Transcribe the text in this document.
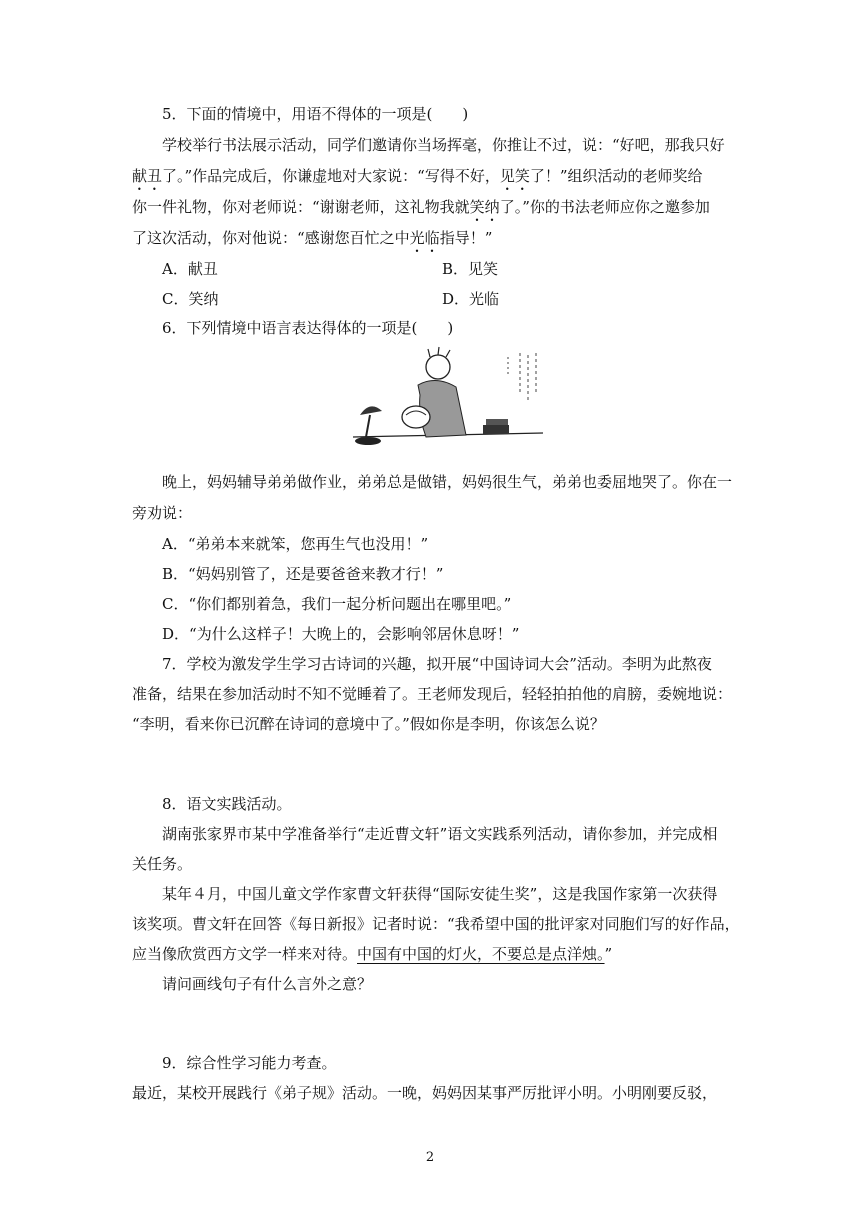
5．下面的情境中，用语不得体的一项是(　　)
学校举行书法展示活动，同学们邀请你当场挥毫，你推让不过，说：“好吧，那我只好
献丑了。”作品完成后，你谦虚地对大家说：“写得不好，见笑了！”组织活动的老师奖给
你一件礼物，你对老师说：“谢谢老师，这礼物我就笑纳了。”你的书法老师应你之邀参加
了这次活动，你对他说：“感谢您百忙之中光临指导！”
A．献丑	B．见笑
C．笑纳	D．光临
6．下列情境中语言表达得体的一项是(　　)
晚上，妈妈辅导弟弟做作业，弟弟总是做错，妈妈很生气，弟弟也委屈地哭了。你在一
旁劝说：
A．“弟弟本来就笨，您再生气也没用！”
B．“妈妈别管了，还是要爸爸来教才行！”
C．“你们都别着急，我们一起分析问题出在哪里吧。”
D．“为什么这样子！大晚上的，会影响邻居休息呀！”
7．学校为激发学生学习古诗词的兴趣，拟开展“中国诗词大会”活动。李明为此熬夜
准备，结果在参加活动时不知不觉睡着了。王老师发现后，轻轻拍拍他的肩膀，委婉地说：
“李明，看来你已沉醉在诗词的意境中了。”假如你是李明，你该怎么说？
8．语文实践活动。
湖南张家界市某中学准备举行“走近曹文轩”语文实践系列活动，请你参加，并完成相
关任务。
某年４月，中国儿童文学作家曹文轩获得“国际安徒生奖”，这是我国作家第一次获得
该奖项。曹文轩在回答《每日新报》记者时说：“我希望中国的批评家对同胞们写的好作品，
应当像欣赏西方文学一样来对待。中国有中国的灯火，不要总是点洋烛。”
请问画线句子有什么言外之意？
9．综合性学习能力考查。
最近，某校开展践行《弟子规》活动。一晚，妈妈因某事严厉批评小明。小明刚要反驳，
2
